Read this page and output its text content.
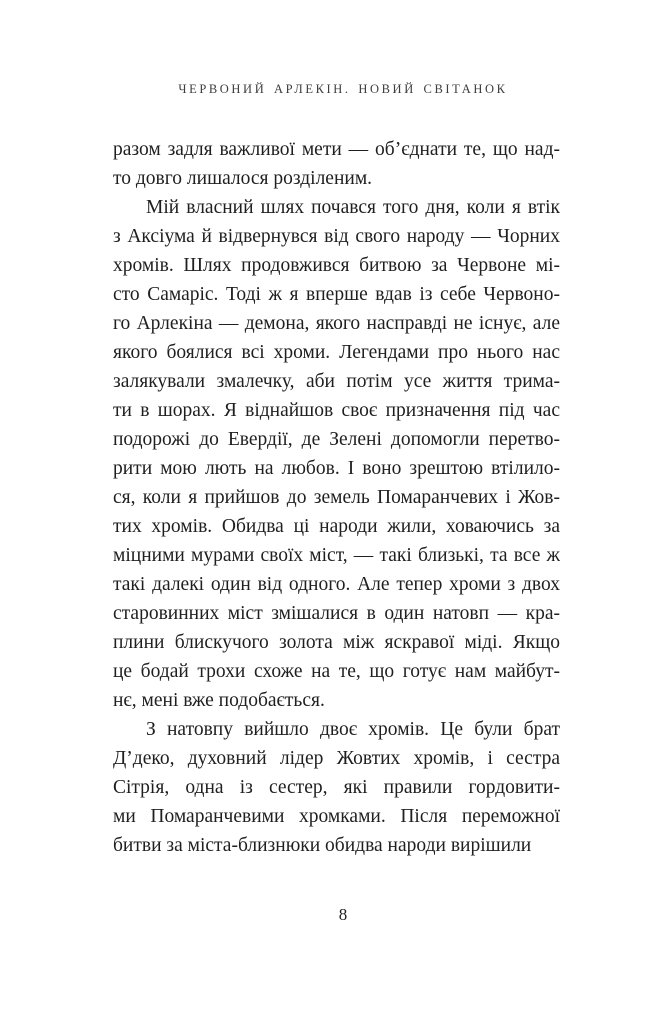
ЧЕРВОНИЙ АРЛЕКІН. НОВИЙ СВІТАНОК
разом задля важливої мети — об’єднати те, що над-
то довго лишалося розділеним.
Мій власний шлях почався того дня, коли я втік
з Аксіума й відвернувся від свого народу — Чорних
хромів. Шлях продовжився битвою за Червоне мі-
сто Самаріс. Тоді ж я вперше вдав із себе Червоно-
го Арлекіна — демона, якого насправді не існує, але
якого боялися всі хроми. Легендами про нього нас
залякували змалечку, аби потім усе життя трима-
ти в шорах. Я віднайшов своє призначення під час
подорожі до Евердії, де Зелені допомогли перетво-
рити мою лють на любов. І воно зрештою втілило-
ся, коли я прийшов до земель Помаранчевих і Жов-
тих хромів. Обидва ці народи жили, ховаючись за
міцними мурами своїх міст, — такі близькі, та все ж
такі далекі один від одного. Але тепер хроми з двох
старовинних міст змішалися в один натовп — кра-
плини блискучого золота між яскравої міді. Якщо
це бодай трохи схоже на те, що готує нам майбут-
нє, мені вже подобається.
З натовпу вийшло двоє хромів. Це були брат
Д’деко, духовний лідер Жовтих хромів, і сестра
Сітрія, одна із сестер, які правили гордовити-
ми Помаранчевими хромками. Після переможної
битви за міста-близнюки обидва народи вирішили
8
